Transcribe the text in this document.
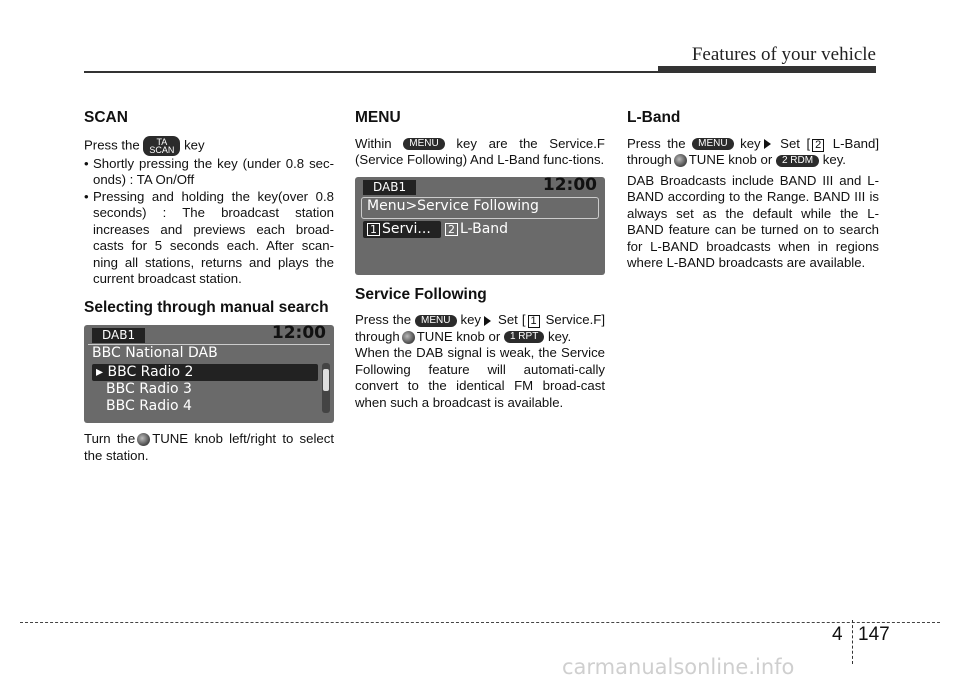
Features of your vehicle
SCAN

Press the TA
SCAN key

• Shortly pressing the key (under 0.8 sec-onds) : TA On/Off

• Pressing and holding the key(over 0.8 seconds) : The broadcast station increases and previews each broad-casts for 5 seconds each. After scan-ning all stations, returns and plays the current broadcast station.

Selecting through manual search
DAB1	12:00
BBC National DAB
▸ BBC Radio 2
BBC Radio 3
BBC Radio 4

Turn the TUNE knob left/right to select the station.

MENU

Within MENU key are the Service.F (Service Following) And L-Band func-tions.

DAB1	12:00
Menu>Service Following
1 Servi...	2 L-Band
Service Following

Press the MENU key Set [ 1 Service.F] through TUNE knob or 1 RPT key.

When the DAB signal is weak, the Service Following feature will automati-cally convert to the identical FM broad-cast when such a broadcast is available.

L-Band

Press the MENU key Set [ 2 L-Band] through TUNE knob or 2 RDM key.

DAB Broadcasts include BAND III and L-BAND according to the Range. BAND III is always set as the default while the L-BAND feature can be turned on to search for L-BAND broadcasts when in regions where L-BAND broadcasts are available.

4 147
carmanualsonline.info
